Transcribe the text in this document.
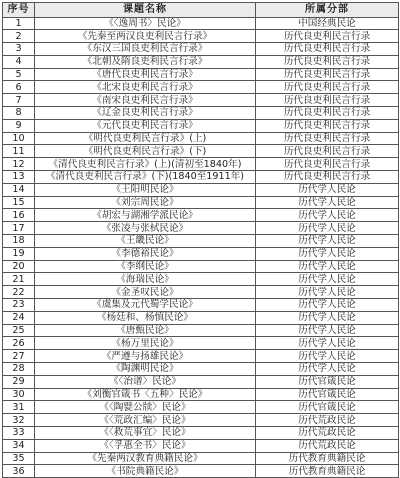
序号	课题名称	所属分部
1	《〈逸周书〉民论》	中国经典民论
2	《先秦至两汉良吏利民言行录》	历代良吏利民言行录
3	《东汉三国良吏利民言行录》	历代良吏利民言行录
4	《北朝及隋良吏利民言行录》	历代良吏利民言行录
5	《唐代良吏利民言行录》	历代良吏利民言行录
6	《北宋良吏利民言行录》	历代良吏利民言行录
7	《南宋良吏利民言行录》	历代良吏利民言行录
8	《辽金良吏利民言行录》	历代良吏利民言行录
9	《元代良吏利民言行录》	历代良吏利民言行录
10	《明代良吏利民言行录》(上)	历代良吏利民言行录
11	《明代良吏利民言行录》(下)	历代良吏利民言行录
12	《清代良吏利民言行录》(上)(清初至1840年)	历代良吏利民言行录
13	《清代良吏利民言行录》(下)(1840至1911年)	历代良吏利民言行录
14	《王阳明民论》	历代学人民论
15	《刘宗周民论》	历代学人民论
16	《胡宏与湖湘学派民论》	历代学人民论
17	《张凌与张栻民论》	历代学人民论
18	《王畿民论》	历代学人民论
19	《李德裕民论》	历代学人民论
20	《李纲民论》	历代学人民论
21	《海瑞民论》	历代学人民论
22	《金圣叹民论》	历代学人民论
23	《虞集及元代蜀学民论》	历代学人民论
24	《杨廷和、杨慎民论》	历代学人民论
25	《唐甄民论》	历代学人民论
26	《杨万里民论》	历代学人民论
27	《严遵与扬雄民论》	历代学人民论
28	《陶渊明民论》	历代学人民论
29	《〈治谱〉民论》	历代官箴民论
30	《刘衡官箴书〈五种〉民论》	历代官箴民论
31	《〈陶甓公牍〉民论》	历代官箴民论
32	《〈荒政汇编〉民论》	历代荒政民论
33	《〈救荒事宜〉民论》	历代荒政民论
34	《〈孚惠全书〉民论》	历代荒政民论
35	《先秦两汉教育典籍民论》	历代教育典籍民论
36	《书院典籍民论》	历代教育典籍民论
